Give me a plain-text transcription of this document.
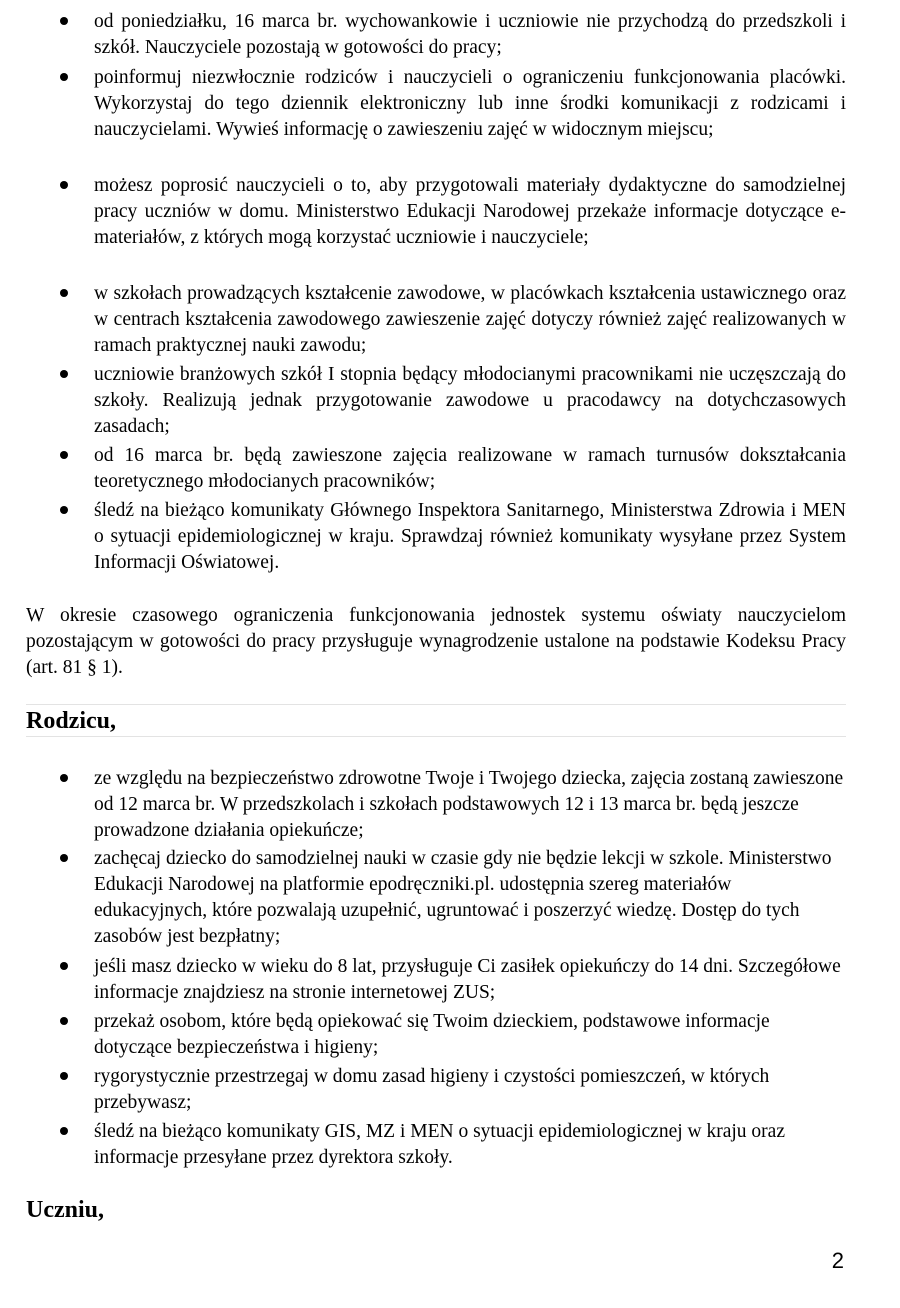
od poniedziałku, 16 marca br. wychowankowie i uczniowie nie przychodzą do przedszkoli i szkół. Nauczyciele pozostają w gotowości do pracy;
poinformuj niezwłocznie rodziców i nauczycieli o ograniczeniu funkcjonowania placówki. Wykorzystaj do tego dziennik elektroniczny lub inne środki komunikacji z rodzicami i nauczycielami. Wywieś informację o zawieszeniu zajęć w widocznym miejscu;
możesz poprosić nauczycieli o to, aby przygotowali materiały dydaktyczne do samodzielnej pracy uczniów w domu. Ministerstwo Edukacji Narodowej przekaże informacje dotyczące e-materiałów, z których mogą korzystać uczniowie i nauczyciele;
w szkołach prowadzących kształcenie zawodowe, w placówkach kształcenia ustawicznego oraz w centrach kształcenia zawodowego zawieszenie zajęć dotyczy również zajęć realizowanych w ramach praktycznej nauki zawodu;
uczniowie branżowych szkół I stopnia będący młodocianymi pracownikami nie uczęszczają do szkoły. Realizują jednak przygotowanie zawodowe u pracodawcy na dotychczasowych zasadach;
od 16 marca br. będą zawieszone zajęcia realizowane w ramach turnusów dokształcania teoretycznego młodocianych pracowników;
śledź na bieżąco komunikaty Głównego Inspektora Sanitarnego, Ministerstwa Zdrowia i MEN o sytuacji epidemiologicznej w kraju. Sprawdzaj również komunikaty wysyłane przez System Informacji Oświatowej.
W okresie czasowego ograniczenia funkcjonowania jednostek systemu oświaty nauczycielom pozostającym w gotowości do pracy przysługuje wynagrodzenie ustalone na podstawie Kodeksu Pracy (art. 81 § 1).
Rodzicu,
ze względu na bezpieczeństwo zdrowotne Twoje i Twojego dziecka, zajęcia zostaną zawieszone od 12 marca br. W przedszkolach i szkołach podstawowych 12 i 13 marca br. będą jeszcze prowadzone działania opiekuńcze;
zachęcaj dziecko do samodzielnej nauki w czasie gdy nie będzie lekcji w szkole. Ministerstwo Edukacji Narodowej na platformie epodręczniki.pl. udostępnia szereg materiałów edukacyjnych, które pozwalają uzupełnić, ugruntować i poszerzyć wiedzę. Dostęp do tych zasobów jest bezpłatny;
jeśli masz dziecko w wieku do 8 lat, przysługuje Ci zasiłek opiekuńczy do 14 dni. Szczegółowe informacje znajdziesz na stronie internetowej ZUS;
przekaż osobom, które będą opiekować się Twoim dzieckiem, podstawowe informacje dotyczące bezpieczeństwa i higieny;
rygorystycznie przestrzegaj w domu zasad higieny i czystości pomieszczeń, w których przebywasz;
śledź na bieżąco komunikaty GIS, MZ i MEN o sytuacji epidemiologicznej w kraju oraz informacje przesyłane przez dyrektora szkoły.
Uczniu,
2
